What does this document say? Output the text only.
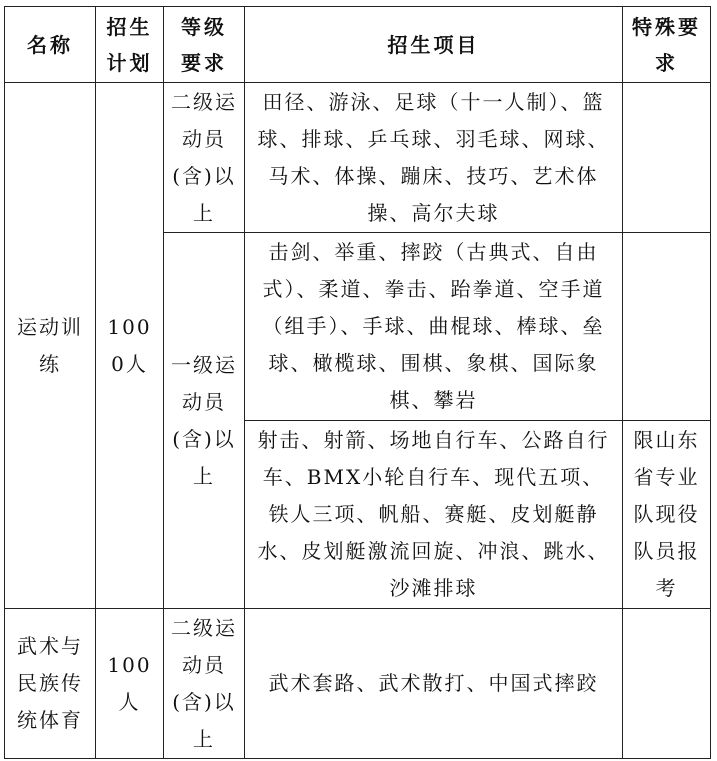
名称	招生计划	等级要求	招生项目	特殊要求
运动训练	1000人	二级运动员(含)以上	田径、游泳、足球（十一人制）、篮球、排球、乒乓球、羽毛球、网球、马术、体操、蹦床、技巧、艺术体操、高尔夫球	
		一级运动员(含)以上	击剑、举重、摔跤（古典式、自由式）、柔道、拳击、跆拳道、空手道（组手）、手球、曲棍球、棒球、垒球、橄榄球、围棋、象棋、国际象棋、攀岩	
			射击、射箭、场地自行车、公路自行车、BMX小轮自行车、现代五项、铁人三项、帆船、赛艇、皮划艇静水、皮划艇激流回旋、冲浪、跳水、沙滩排球	限山东省专业队现役队员报考
武术与民族传统体育	100人	二级运动员(含)以上	武术套路、武术散打、中国式摔跤	
